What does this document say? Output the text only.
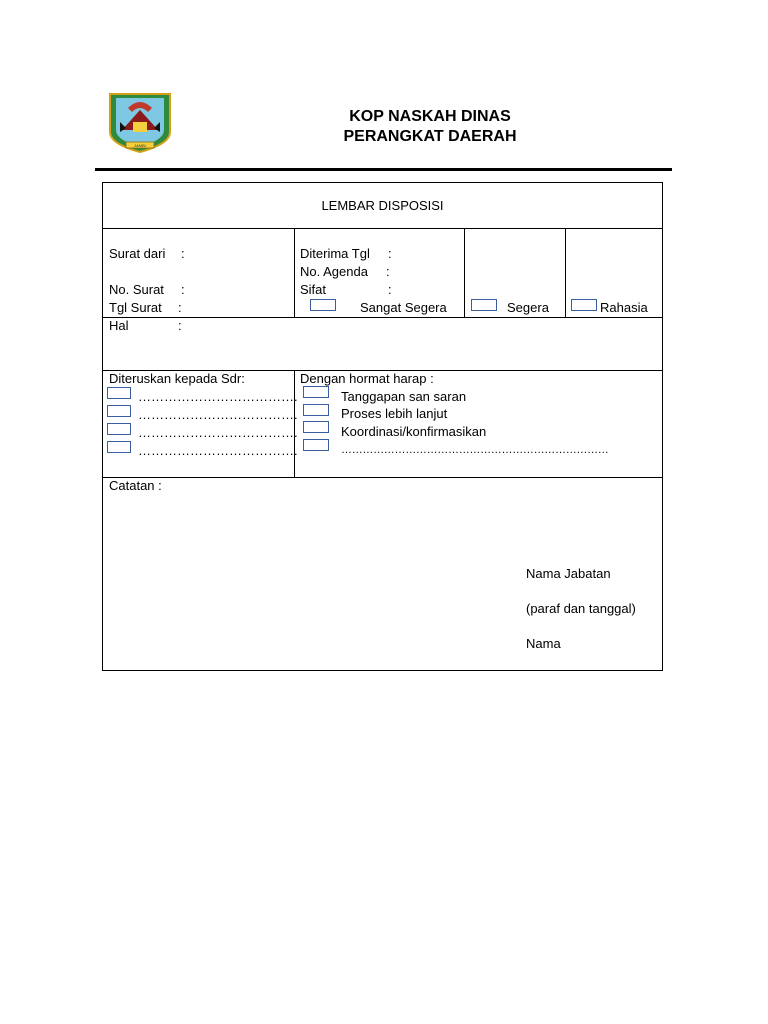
JAMBI
KOP NASKAH DINAS
PERANGKAT DAERAH
LEMBAR DISPOSISI
Surat dari :
No. Surat :
Tgl Surat :
Diterima Tgl :
No. Agenda :
Sifat	:
Sangat Segera	Segera	Rahasia
Hal	:
Diteruskan kepada Sdr:
……………………………….
……………………………….
……………………………….
……………………………….
Dengan hormat harap :
Tanggapan san saran
Proses lebih lanjut
Koordinasi/konfirmasikan
…………………………………………………………………
Catatan :
Nama Jabatan
(paraf dan tanggal)
Nama
